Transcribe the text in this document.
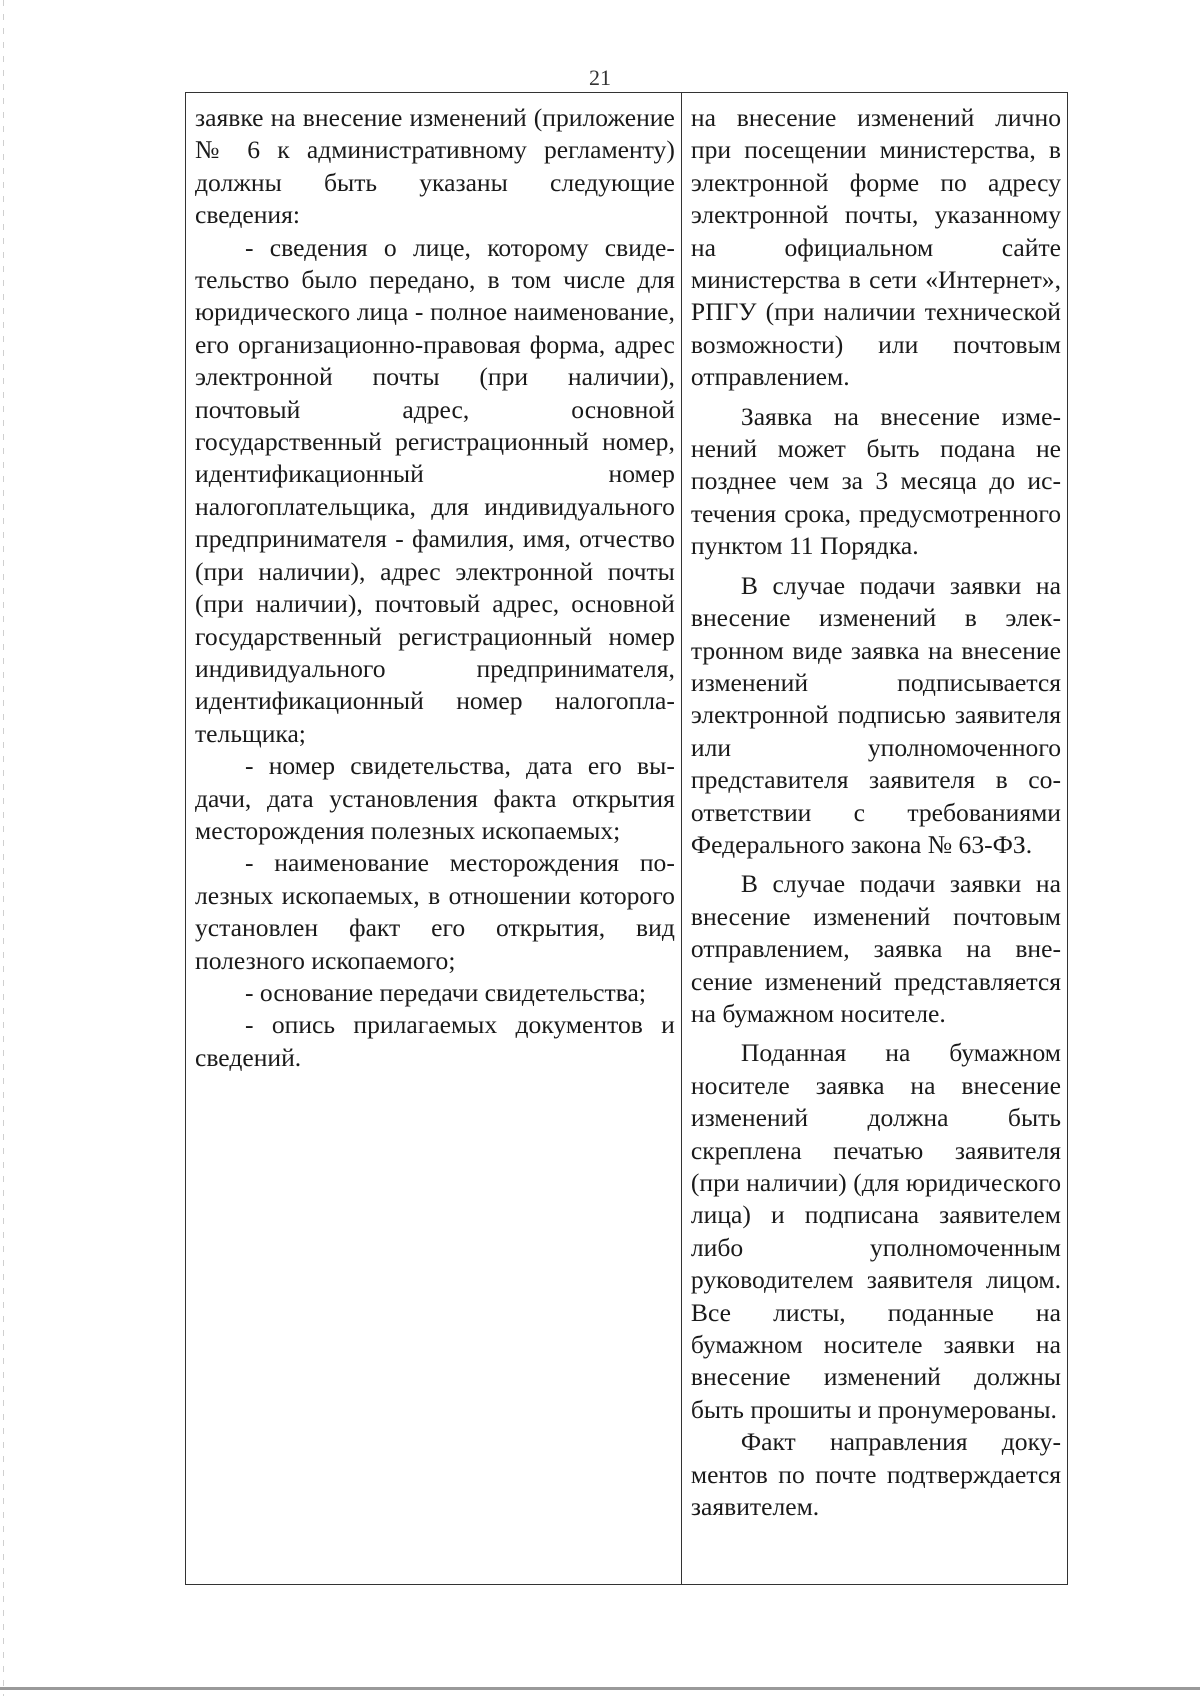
21

заявке на внесение изменений (приложение № 6 к административному регламенту) должны быть указаны следующие сведения:

- сведения о лице, которому свидетельство было передано, в том числе для юридического лица - полное наименование, его организационно-правовая форма, адрес электронной почты (при наличии), почтовый адрес, основной государственный регистрационный номер, идентификационный номер налогоплательщика, для индивидуального предпринимателя - фамилия, имя, отчество (при наличии), адрес электронной почты (при наличии), почтовый адрес, основной государственный регистрационный номер индивидуального предпринимателя, идентификационный номер налогоплательщика;

- номер свидетельства, дата его выдачи, дата установления факта открытия месторождения полезных ископаемых;

- наименование месторождения полезных ископаемых, в отношении которого установлен факт его открытия, вид полезного ископаемого;

- основание передачи свидетельства;

- опись прилагаемых документов и сведений.

на внесение изменений лично при посещении министерства, в электронной форме по адресу электронной почты, указанному на официальном сайте министерства в сети «Интернет», РПГУ (при наличии технической возможности) или почтовым отправлением.

Заявка на внесение изменений может быть подана не позднее чем за 3 месяца до истечения срока, предусмотренного пунктом 11 Порядка.

В случае подачи заявки на внесение изменений в электронном виде заявка на внесение изменений подписывается электронной подписью заявителя или уполномоченного представителя заявителя в соответствии с требованиями Федерального закона № 63-ФЗ.

В случае подачи заявки на внесение изменений почтовым отправлением, заявка на внесение изменений представляется на бумажном носителе.

Поданная на бумажном носителе заявка на внесение изменений должна быть скреплена печатью заявителя (при наличии) (для юридического лица) и подписана заявителем либо уполномоченным руководителем заявителя лицом. Все листы, поданные на бумажном носителе заявки на внесение изменений должны быть прошиты и пронумерованы.

Факт направления документов по почте подтверждается заявителем.
